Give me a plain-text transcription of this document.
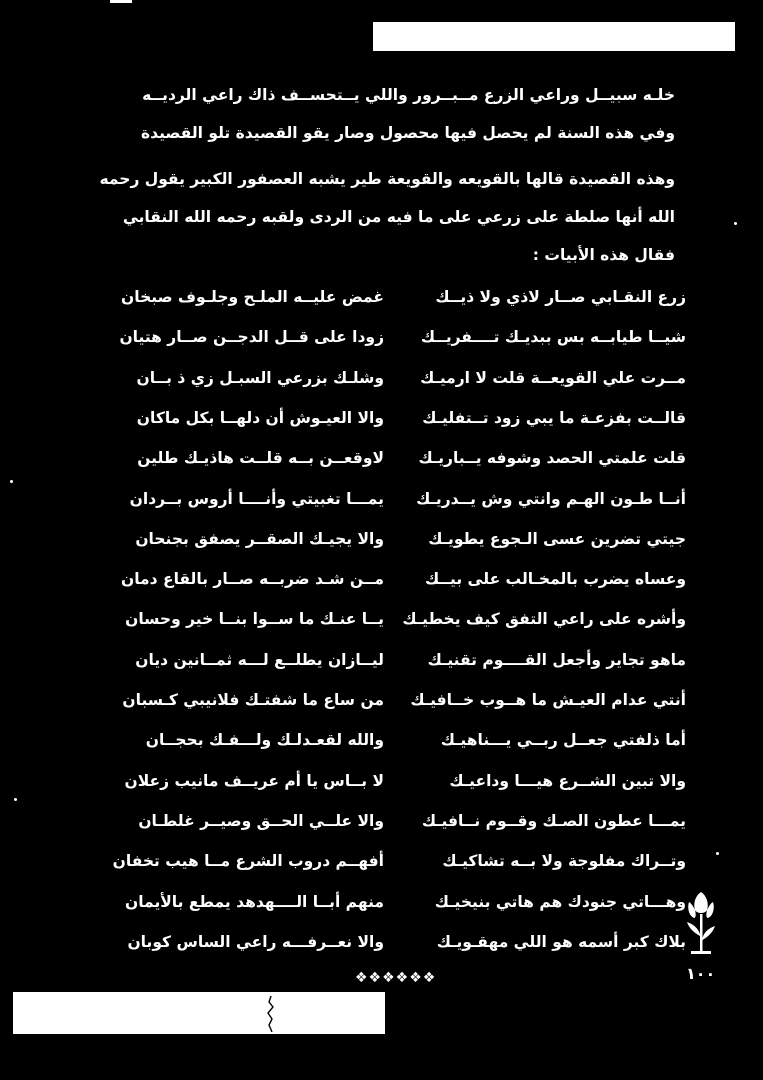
خلـه سبيــل وراعي الزرع مــبــرور واللي يــتحســف ذاك راعي الرديــه
وفي هذه السنة لم يحصل فيها محصول وصار يقو القصيدة تلو القصيدة
وهذه القصيدة قالها بالقويعه والقويعة طير يشبه العصفور الكبير يقول رحمه
الله أنها صلطة على زرعي على ما فيه من الردى ولقبه رحمه الله النقابي
فقال هذه الأبيات :
زرع النقـابي صــار لاذي ولا ذيــك
غمض عليــه الملـح وجلـوف صبخان
شيــا طيابــه بس ببديـك تــــفريــك
زودا على قــل الدجــن صــار هتيان
مــرت علي القويعــة قلت لا ارميـك
وشلـك بزرعي السبـل زي ذ بــان
قالــت بفزعـة ما يبي زود تــتفليـك
والا العيـوش أن دلهــا بكل ماكان
قلت علمتي الحصد وشوفه يــباريـك
لاوقعــن بــه قلــت هاذيـك طلين
أنــا طـون الهـم وانتي وش يــدريـك
يمـــا تغبيتي وأنــــا أروس بــردان
جيتي تضرين عسى الـجوع يطويـك
والا يجيـك الصقــر يصفق بجنحان
وعساه يضرب بالمخـالب على بيــك
مــن شـد ضربــه صــار بالقاع دمان
وأشره على راعي التفق كيف يخطيـك
يــا عنـك ما ســوا بنــا خير وحسان
ماهو تجاير وأجعل القــــوم تقنيـك
ليــازان يطلــع لـــه ثمــانين ديان
أنتي عدام العيـش ما هــوب خــافيـك
من ساع ما شفتـك فلانيبي كـسبان
أما ذلفتي جعــل ربــي يـــناهيـك
والله لقعـدلـك ولـــفـك بحجــان
والا تبين الشــرع هيـــا وداعيـك
لا بــاس يا أم عريــف مانيب زعلان
يمـــا عطون الصـك وقــوم نــافيـك
والا علــي الحــق وصيــر غلطـان
وتــراك مفلوجة ولا بــه تشاكيـك
أفهــم دروب الشرع مــا هيب تخفان
وهـــاتي جنودك هم هاتي بنيخيـك
منهم أبــا الــــهدهد يمطع بالأيمان
بلاك كبر أسمه هو اللي مهقـويـك
والا نعــرفـــه راعي الساس كوبان
١٠٠
❖❖❖❖❖❖
